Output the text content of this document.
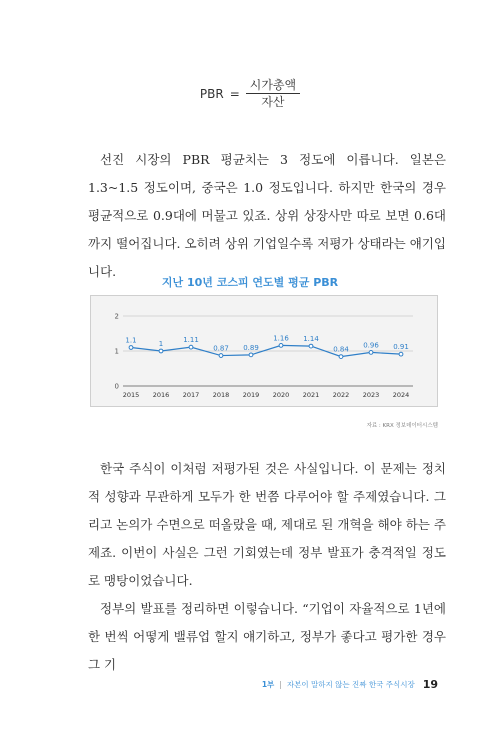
PBR = $\frac{\text{시가총액}}{\text{자산}}$

선진 시장의 PBR 평균치는 3 정도에 이릅니다. 일본은 1.3~1.5 정도이며, 중국은 1.0 정도입니다. 하지만 한국의 경우 평균적으로 0.9대에 머물고 있죠. 상위 상장사만 따로 보면 0.6대까지 떨어집니다. 오히려 상위 기업일수록 저평가 상태라는 얘기입니다.

지난 10년 코스피 연도별 평균 PBR
0
1
2
2015 2016 2017 2018 2019 2020 2021 2022 2023 2024
1.1	1	1.11
0.87 0.89
1.16 1.14
0.84
0.96 0.91
자료 : KRX 정보데이터시스템

한국 주식이 이처럼 저평가된 것은 사실입니다. 이 문제는 정치적 성향과 무관하게 모두가 한 번쯤 다루어야 할 주제였습니다. 그리고 논의가 수면으로 떠올랐을 때, 제대로 된 개혁을 해야 하는 주제죠. 이번이 사실은 그런 기회였는데 정부 발표가 충격적일 정도로 맹탕이었습니다.

정부의 발표를 정리하면 이렇습니다. “기업이 자율적으로 1년에 한 번씩 어떻게 밸류업 할지 얘기하고, 정부가 좋다고 평가한 경우 그 기

1부 | 자본이 말하지 않는 진짜 한국 주식시장 19
